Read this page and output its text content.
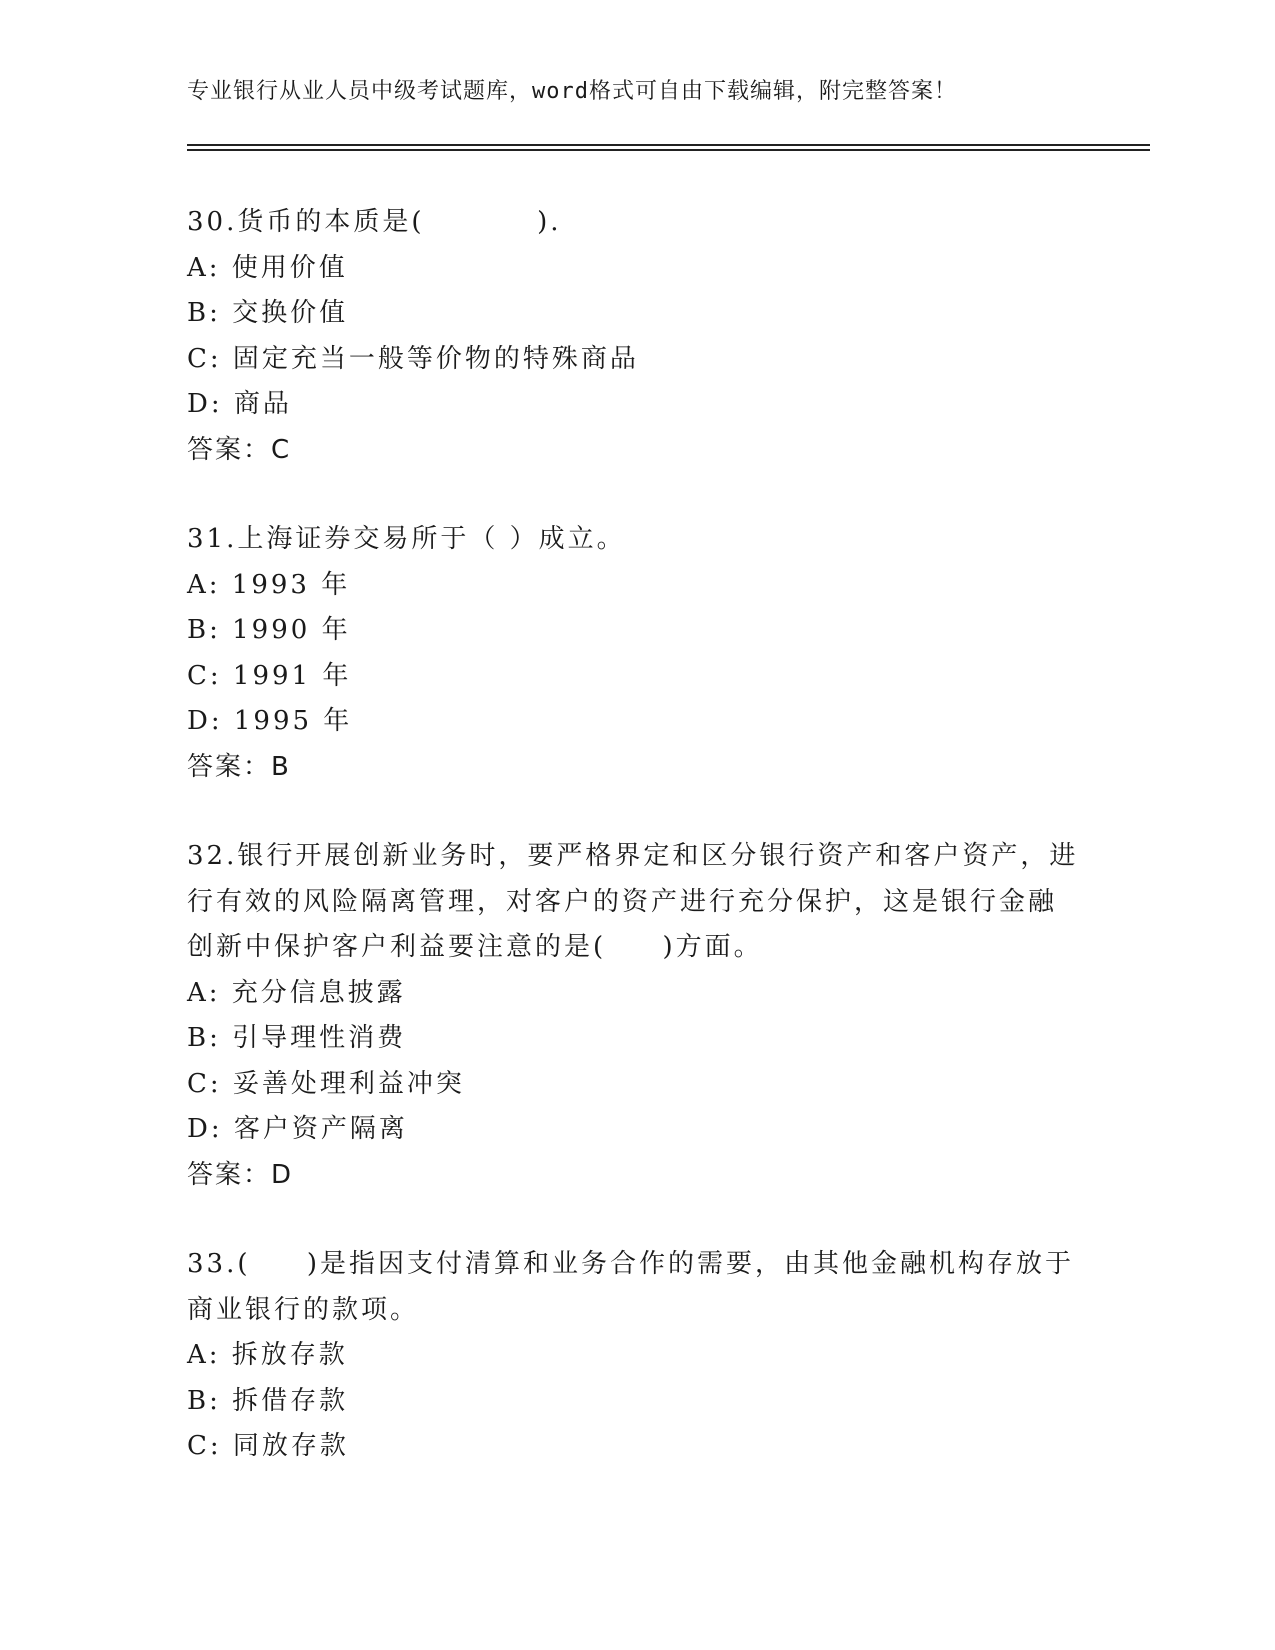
专业银行从业人员中级考试题库，word格式可自由下载编辑，附完整答案！
30.货币的本质是(          ).
A: 使用价值
B: 交换价值
C: 固定充当一般等价物的特殊商品
D: 商品
答案：C
31.上海证券交易所于（ ）成立。
A: 1993 年
B: 1990 年
C: 1991 年
D: 1995 年
答案：B
32.银行开展创新业务时，要严格界定和区分银行资产和客户资产，进
行有效的风险隔离管理，对客户的资产进行充分保护，这是银行金融
创新中保护客户利益要注意的是(     )方面。
A: 充分信息披露
B: 引导理性消费
C: 妥善处理利益冲突
D: 客户资产隔离
答案：D
33.(     )是指因支付清算和业务合作的需要，由其他金融机构存放于
商业银行的款项。
A: 拆放存款
B: 拆借存款
C: 同放存款
